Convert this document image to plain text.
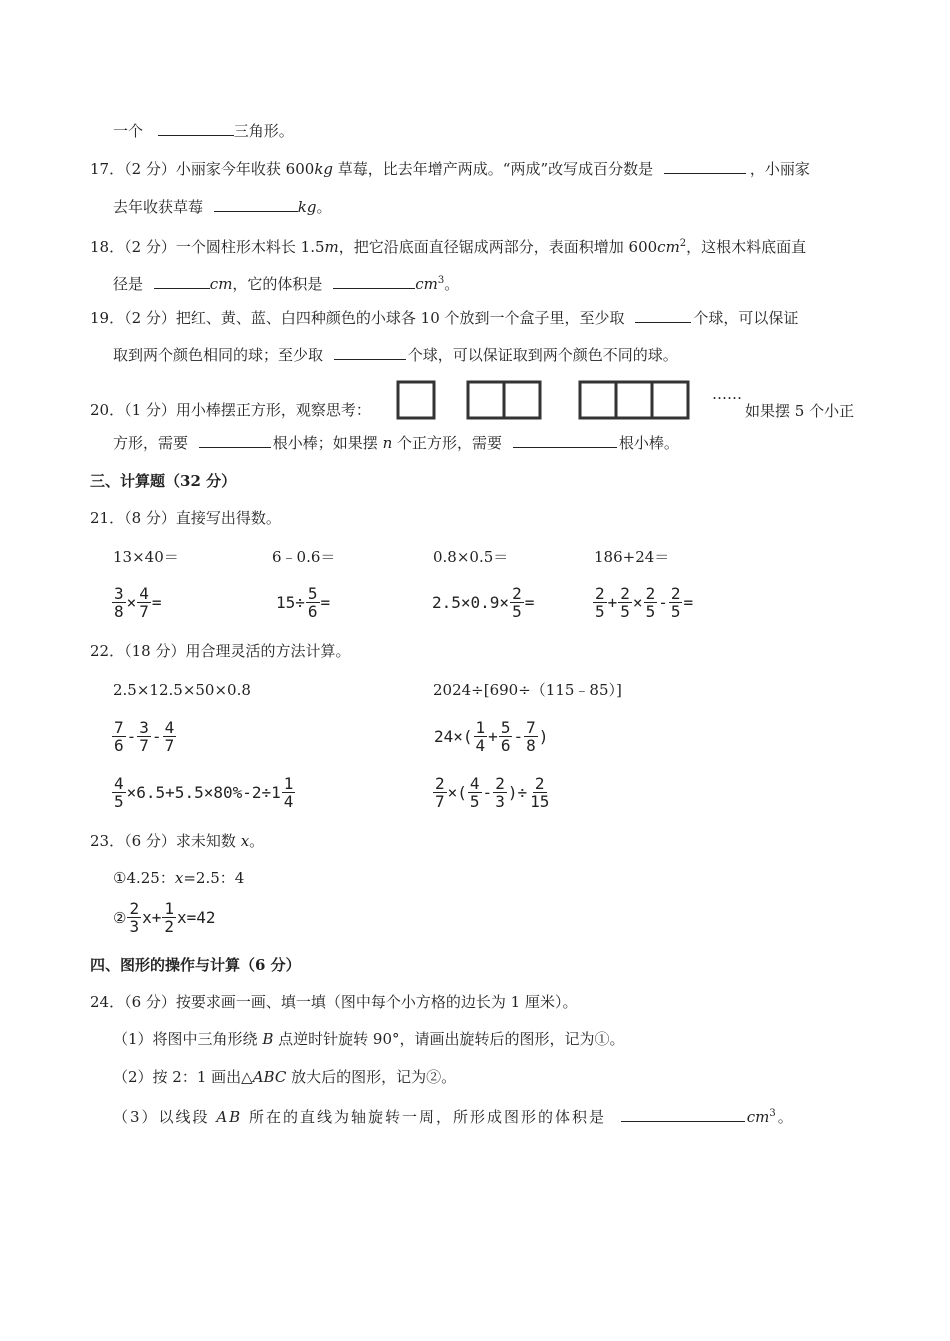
一个	三角形。
17．（2 分）小丽家今年收获 600kg 草莓，比去年增产两成。“两成”改写成百分数是	，小丽家
去年收获草莓	kg。
18．（2 分）一个圆柱形木料长 1.5m，把它沿底面直径锯成两部分，表面积增加 $600cm^2$，这根木料底面直
径是	cm，它的体积是	$cm^3$。
19．（2 分）把红、黄、蓝、白四种颜色的小球各 10 个放到一个盒子里，至少取	个球，可以保证
取到两个颜色相同的球；至少取	个球，可以保证取到两个颜色不同的球。
20．（1 分）用小棒摆正方形，观察思考：
……
如果摆 5 个小正
方形，需要	根小棒；如果摆 n 个正方形，需要	根小棒。
三、计算题（32 分）
21．（8 分）直接写出得数。
13×40＝	6﹣0.6＝	0.8×0.5＝	186+24＝
$\frac{3}{8} \times \frac{4}{7}$ =	$15\div \frac{5}{6}$ =	$2.5\times 0.9\times \frac{2}{5}$ =	$\frac{2}{5} + \frac{2}{5} \times \frac{2}{5} - \frac{2}{5}$ =
22．（18 分）用合理灵活的方法计算。
2.5×12.5×50×0.8	2024÷[690÷（115﹣85）]
$\frac{7}{6} - \frac{3}{7} - \frac{4}{7}$	$24\times( \frac{1}{4} + \frac{5}{6} - \frac{7}{8}$ )
$\frac{4}{5} \times 6.5+5.5\times 80\%-2\div 1 \frac{1}{4}$	$\frac{2}{7}$ ×( $\frac{4}{5} - \frac{2}{3}$ )÷ $\frac{2}{15}$
23．（6 分）求未知数 x。
①4.25：x=2.5：4
② $\frac{2}{3} x+ \frac{1}{2} x=42$
四、图形的操作与计算（6 分）
24．（6 分）按要求画一画、填一填（图中每个小方格的边长为 1 厘米）。
（1）将图中三角形绕 B 点逆时针旋转 90°，请画出旋转后的图形，记为①。
（2）按 2：1 画出△ABC 放大后的图形，记为②。
（3）以线段 AB 所在的直线为轴旋转一周，所形成图形的体积是	$cm^3$。
